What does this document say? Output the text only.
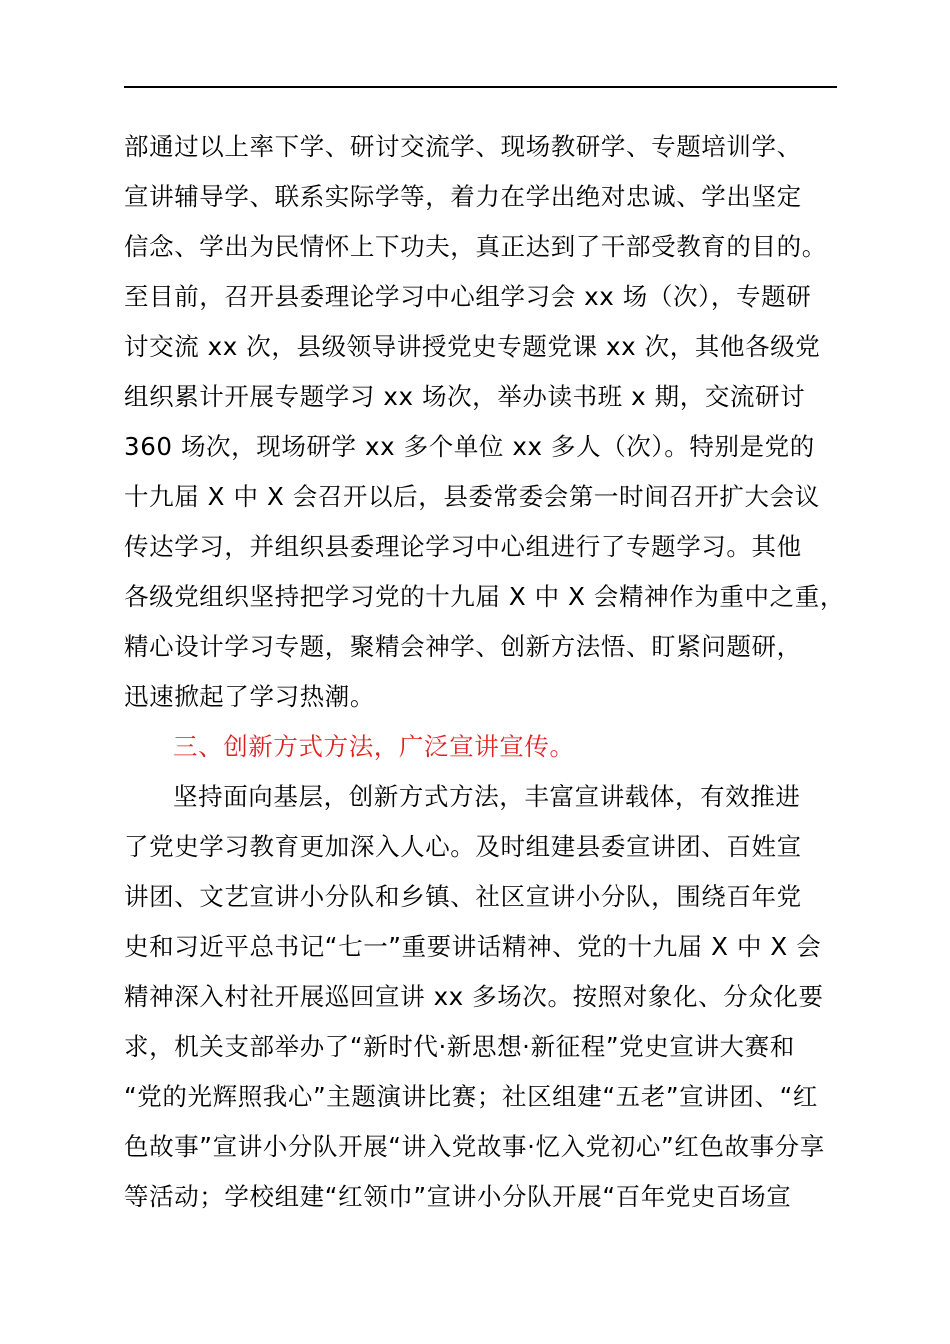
部通过以上率下学、研讨交流学、现场教研学、专题培训学、
宣讲辅导学、联系实际学等，着力在学出绝对忠诚、学出坚定
信念、学出为民情怀上下功夫，真正达到了干部受教育的目的。
至目前，召开县委理论学习中心组学习会 xx 场（次），专题研
讨交流 xx 次，县级领导讲授党史专题党课 xx 次，其他各级党
组织累计开展专题学习 xx 场次，举办读书班 x 期，交流研讨
360 场次，现场研学 xx 多个单位 xx 多人（次）。特别是党的
十九届 X 中 X 会召开以后，县委常委会第一时间召开扩大会议
传达学习，并组织县委理论学习中心组进行了专题学习。其他
各级党组织坚持把学习党的十九届 X 中 X 会精神作为重中之重，
精心设计学习专题，聚精会神学、创新方法悟、盯紧问题研，
迅速掀起了学习热潮。
三、创新方式方法，广泛宣讲宣传。
坚持面向基层，创新方式方法，丰富宣讲载体，有效推进
了党史学习教育更加深入人心。及时组建县委宣讲团、百姓宣
讲团、文艺宣讲小分队和乡镇、社区宣讲小分队，围绕百年党
史和习近平总书记“七一”重要讲话精神、党的十九届 X 中 X 会
精神深入村社开展巡回宣讲 xx 多场次。按照对象化、分众化要
求，机关支部举办了“新时代·新思想·新征程”党史宣讲大赛和
“党的光辉照我心”主题演讲比赛；社区组建“五老”宣讲团、“红
色故事”宣讲小分队开展“讲入党故事·忆入党初心”红色故事分享
等活动；学校组建“红领巾”宣讲小分队开展“百年党史百场宣
